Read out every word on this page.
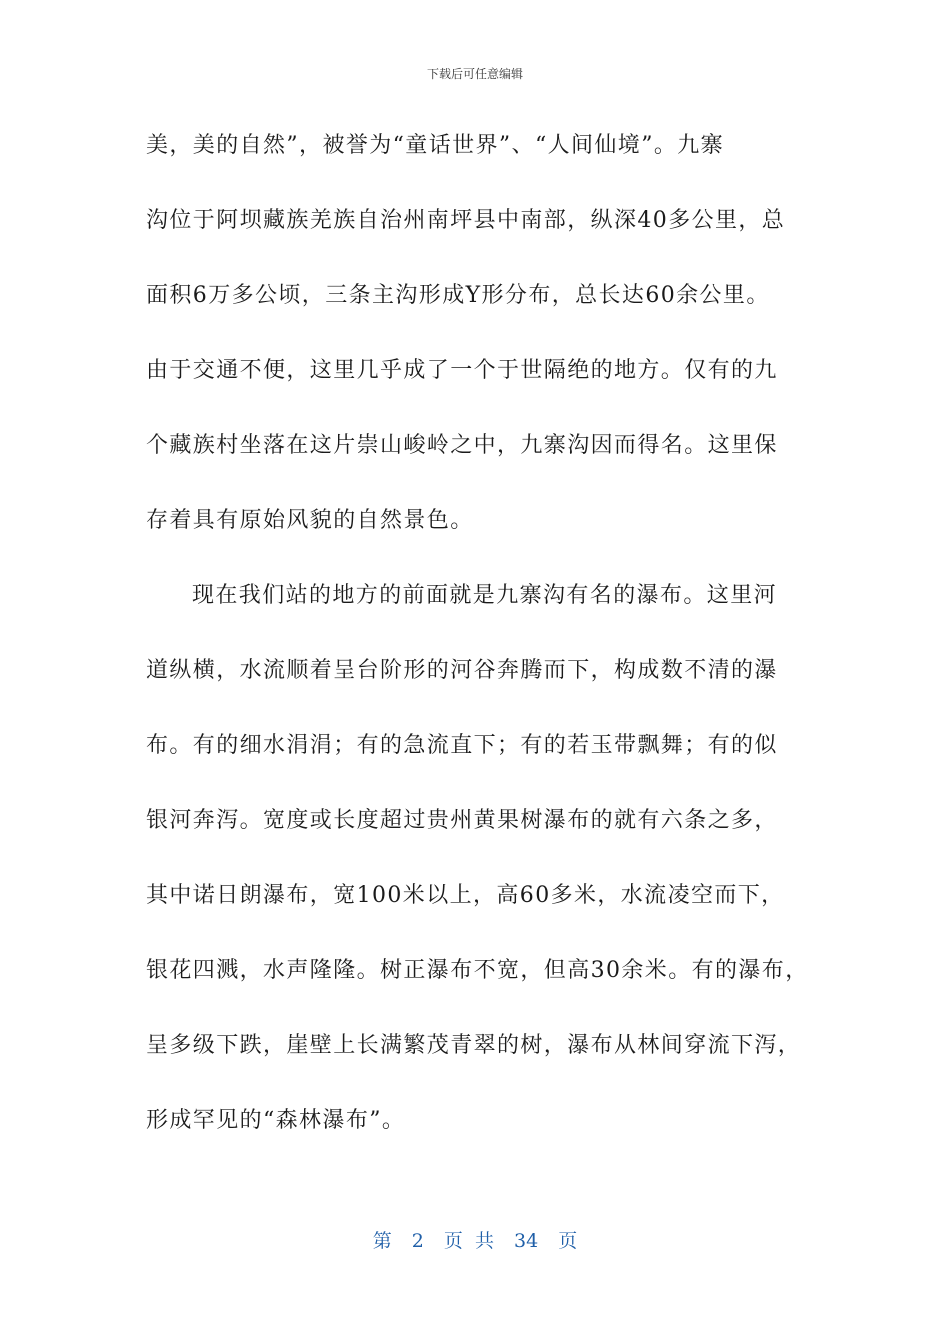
下载后可任意编辑
美，美的自然”，被誉为“童话世界”、“人间仙境”。九寨
沟位于阿坝藏族羌族自治州南坪县中南部，纵深40多公里，总
面积6万多公顷，三条主沟形成Y形分布，总长达60余公里。
由于交通不便，这里几乎成了一个于世隔绝的地方。仅有的九
个藏族村坐落在这片崇山峻岭之中，九寨沟因而得名。这里保
存着具有原始风貌的自然景色。
现在我们站的地方的前面就是九寨沟有名的瀑布。这里河
道纵横，水流顺着呈台阶形的河谷奔腾而下，构成数不清的瀑
布。有的细水涓涓；有的急流直下；有的若玉带飘舞；有的似
银河奔泻。宽度或长度超过贵州黄果树瀑布的就有六条之多，
其中诺日朗瀑布，宽100米以上，高60多米，水流凌空而下，
银花四溅，水声隆隆。树正瀑布不宽，但高30余米。有的瀑布，
呈多级下跌，崖壁上长满繁茂青翠的树，瀑布从林间穿流下泻，
形成罕见的“森林瀑布”。
第 2 页 共 34 页
